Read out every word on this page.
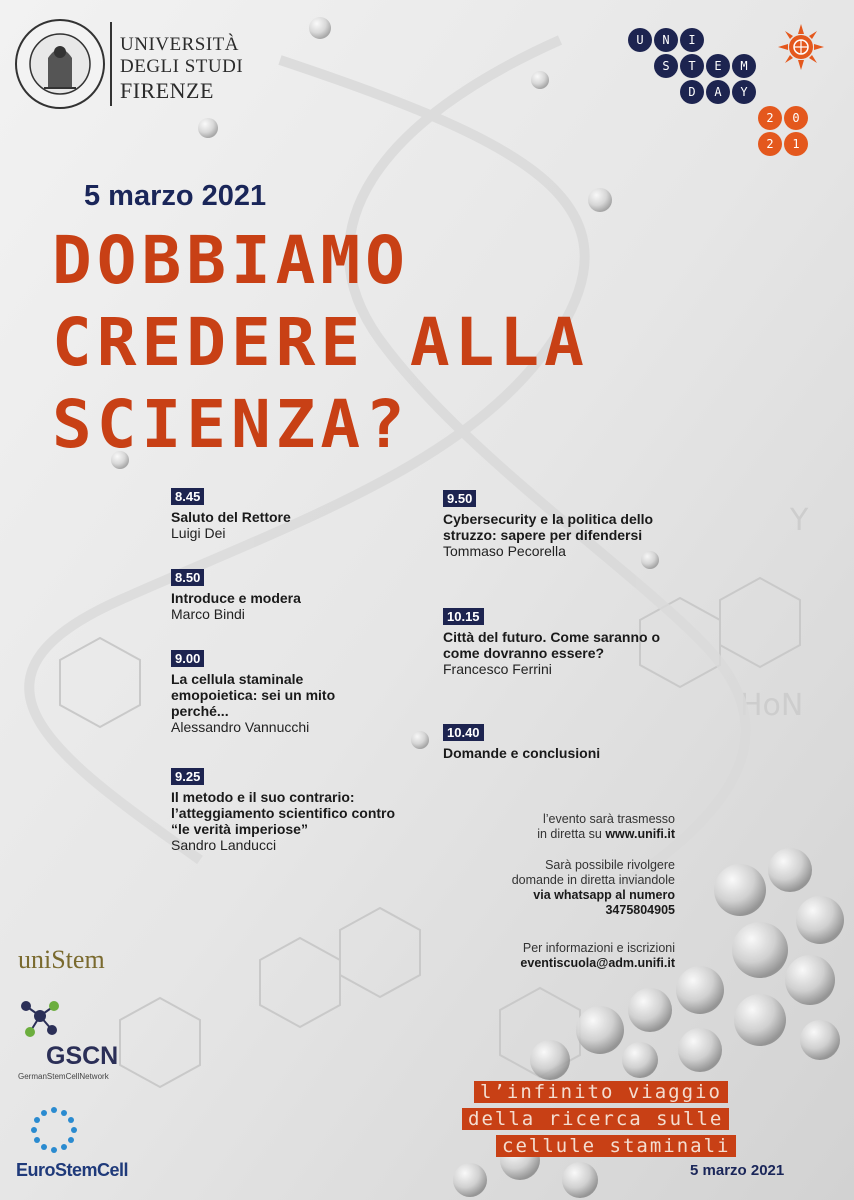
HoN
Y
UNIVERSITÀ
DEGLI STUDI
FIRENZE
U	N	I
S	T	E	M
D	A	Y
2	0
2	1
5 marzo 2021
DOBBIAMO
CREDERE ALLA
SCIENZA?
8.45
Saluto del Rettore
Luigi Dei
8.50
Introduce e modera
Marco Bindi
9.00
La cellula staminale emopoietica: sei un mito perché...
Alessandro Vannucchi
9.25
Il metodo e il suo contrario: l’atteggiamento scientifico contro “le verità imperiose”
Sandro Landucci
9.50
Cybersecurity e la politica dello struzzo: sapere per difendersi
Tommaso Pecorella
10.15
Città del futuro. Come saranno o come dovranno essere?
Francesco Ferrini
10.40
Domande e conclusioni
l’evento sarà trasmesso
in diretta su www.unifi.it
Sarà possibile rivolgere
domande in diretta inviandole
via whatsapp al numero
3475804905
Per informazioni e iscrizioni
eventiscuola@adm.unifi.it
l’infinito viaggio
della ricerca sulle
cellule staminali
5 marzo 2021
uniStem
GSCN
GermanStemCellNetwork
EuroStemCell
